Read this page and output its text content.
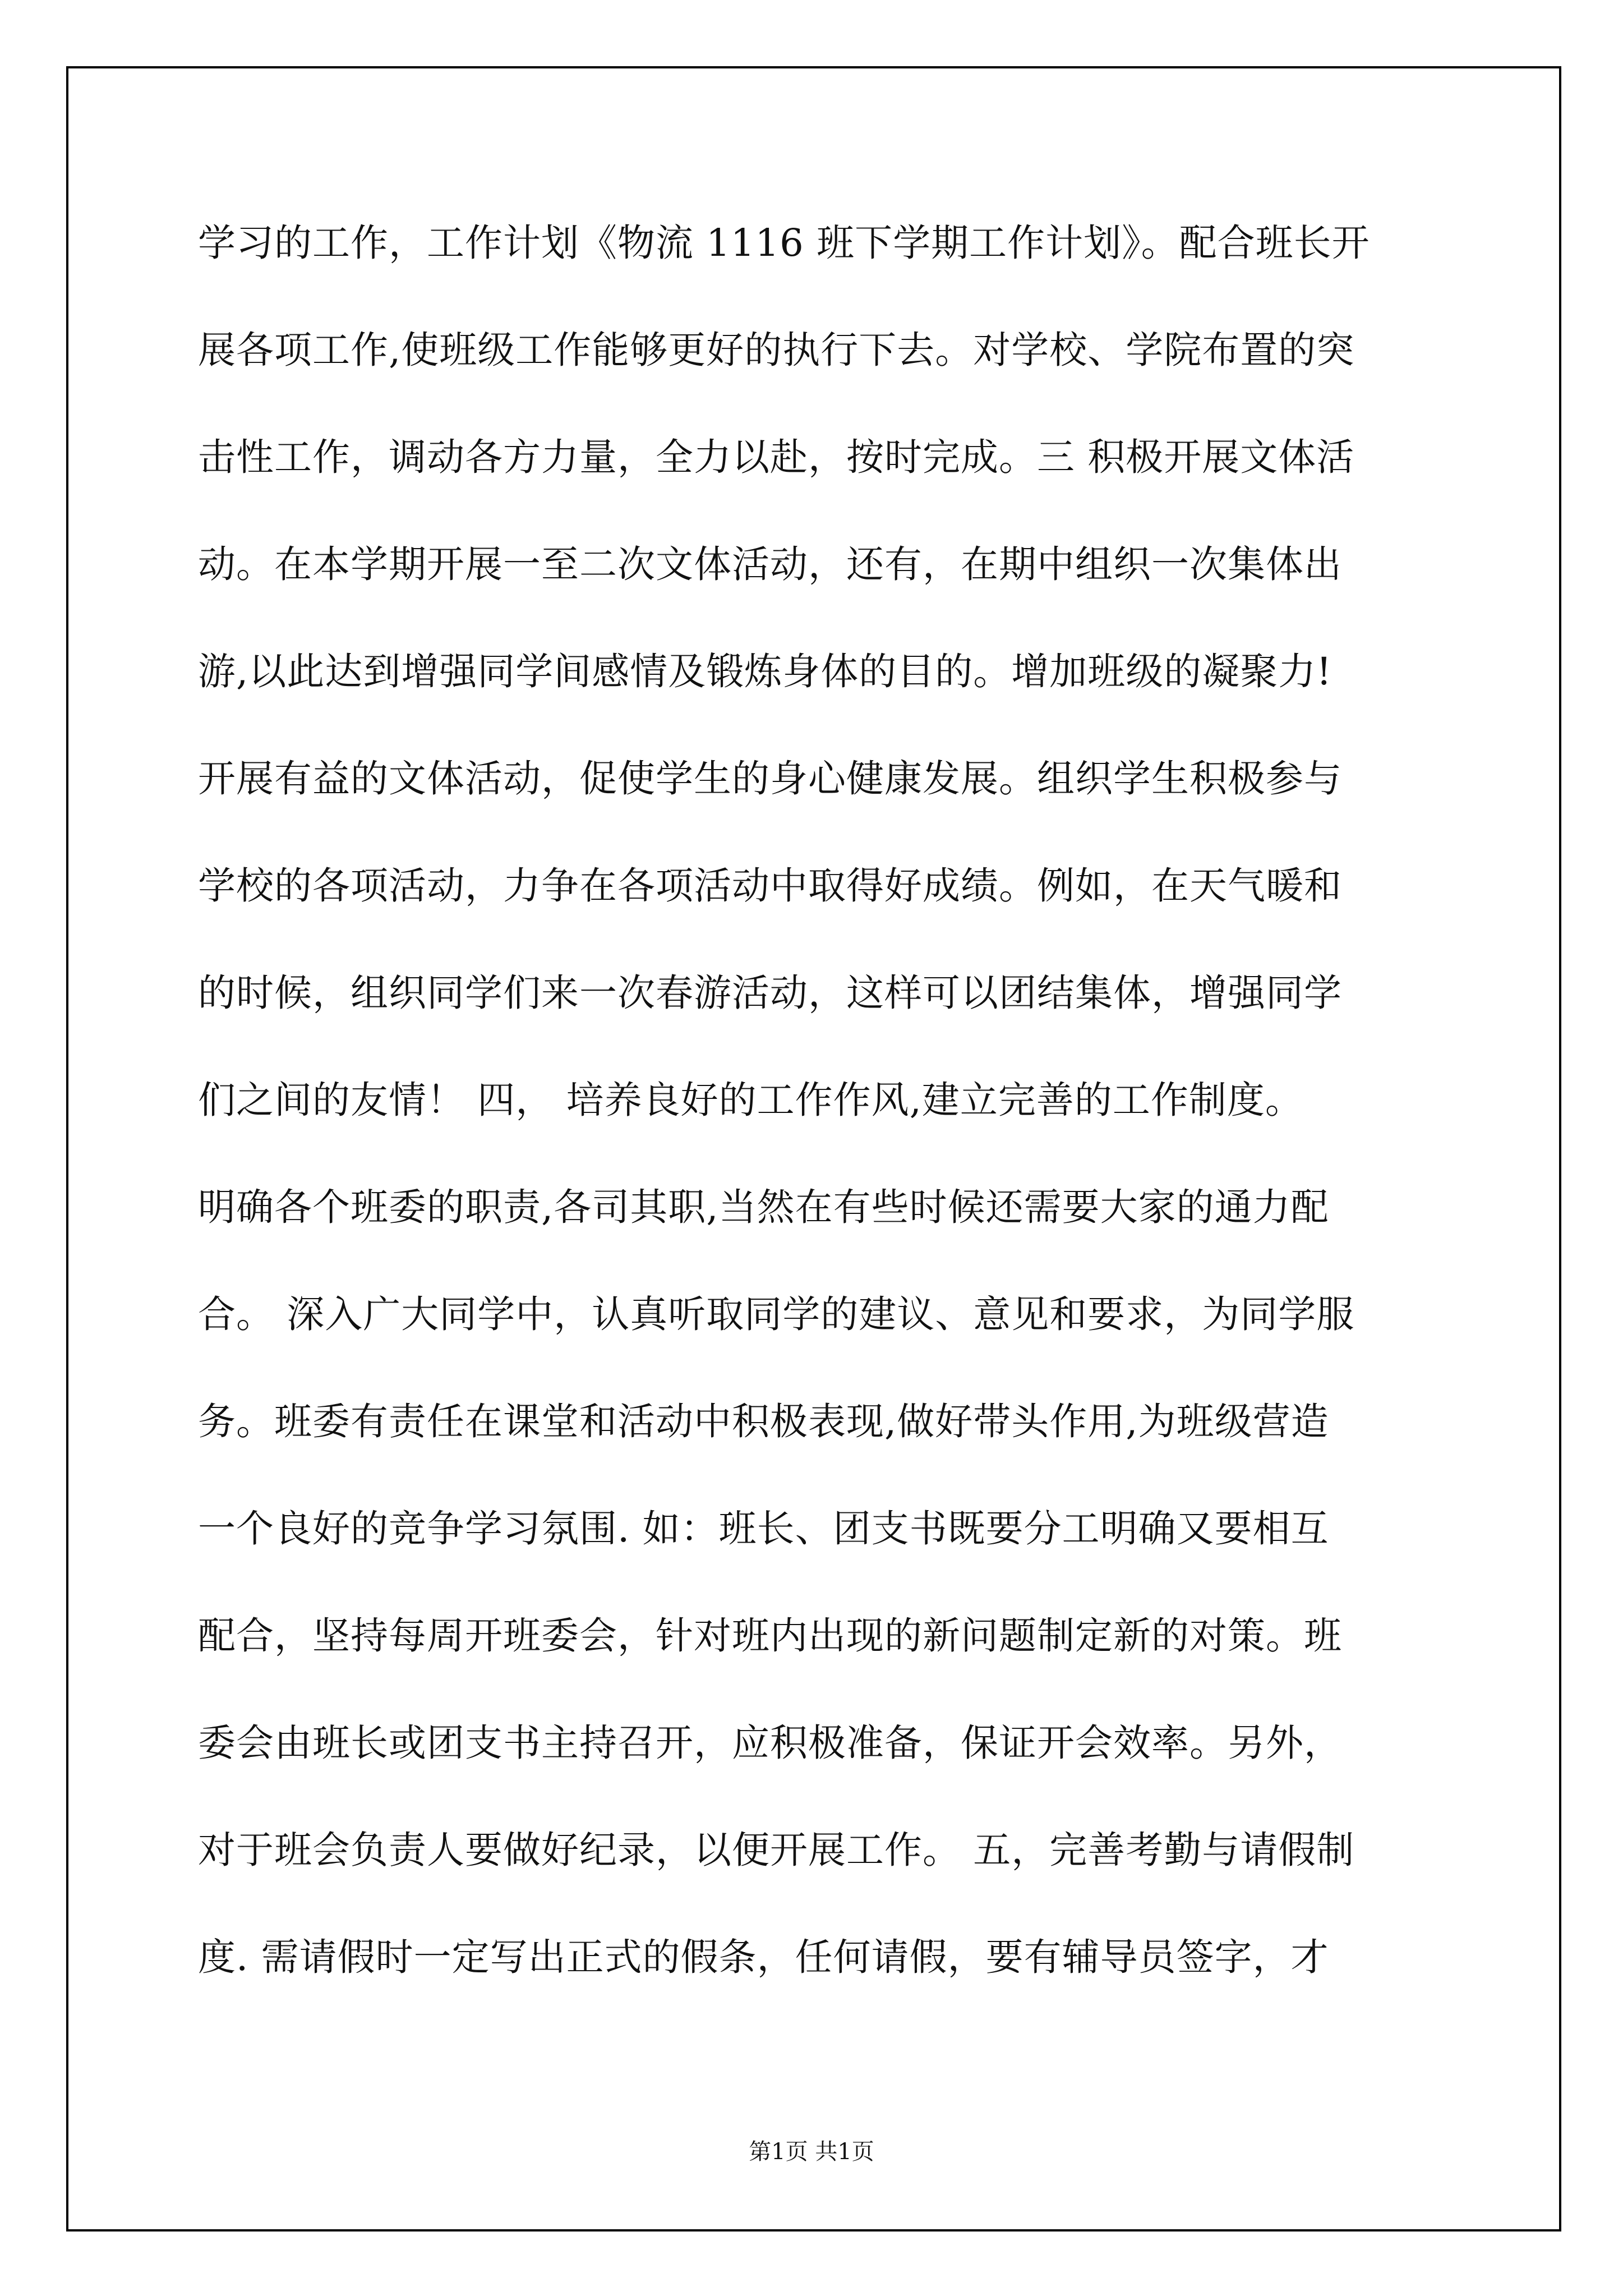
学习的工作，工作计划《物流 1116 班下学期工作计划》。配合班长开
展各项工作,使班级工作能够更好的执行下去。对学校、学院布置的突
击性工作，调动各方力量，全力以赴，按时完成。三 积极开展文体活
动。在本学期开展一至二次文体活动，还有，在期中组织一次集体出
游,以此达到增强同学间感情及锻炼身体的目的。增加班级的凝聚力!
开展有益的文体活动，促使学生的身心健康发展。组织学生积极参与
学校的各项活动，力争在各项活动中取得好成绩。例如，在天气暖和
的时候，组织同学们来一次春游活动，这样可以团结集体，增强同学
们之间的友情！ 四， 培养良好的工作作风,建立完善的工作制度。
明确各个班委的职责,各司其职,当然在有些时候还需要大家的通力配
合。 深入广大同学中，认真听取同学的建议、意见和要求，为同学服
务。班委有责任在课堂和活动中积极表现,做好带头作用,为班级营造
一个良好的竞争学习氛围. 如：班长、团支书既要分工明确又要相互
配合，坚持每周开班委会，针对班内出现的新问题制定新的对策。班
委会由班长或团支书主持召开，应积极准备，保证开会效率。另外，
对于班会负责人要做好纪录，以便开展工作。 五，完善考勤与请假制
度. 需请假时一定写出正式的假条，任何请假，要有辅导员签字，才
第1页 共1页
